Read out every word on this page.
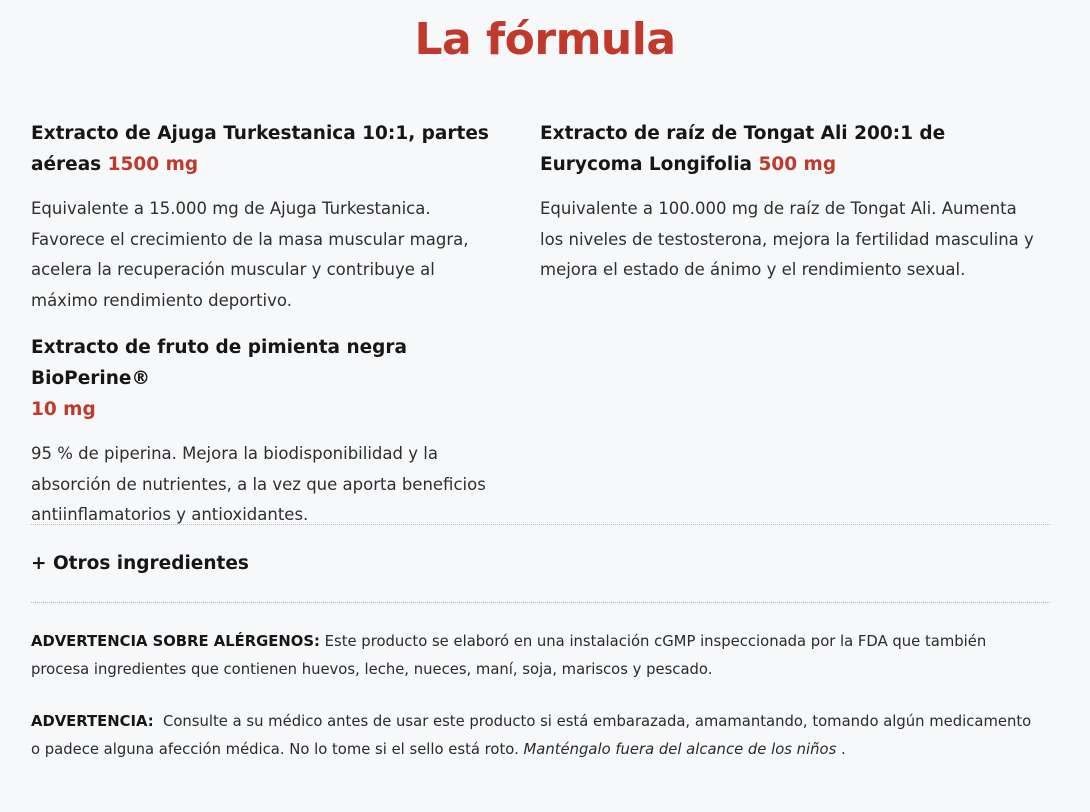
La fórmula

Extracto de Ajuga Turkestanica 10:1, partes aéreas 1500 mg

Equivalente a 15.000 mg de Ajuga Turkestanica. Favorece el crecimiento de la masa muscular magra, acelera la recuperación muscular y contribuye al máximo rendimiento deportivo.

Extracto de fruto de pimienta negra BioPerine®
10 mg

95 % de piperina. Mejora la biodisponibilidad y la absorción de nutrientes, a la vez que aporta beneficios antiinflamatorios y antioxidantes.

Extracto de raíz de Tongat Ali 200:1 de Eurycoma Longifolia 500 mg

Equivalente a 100.000 mg de raíz de Tongat Ali. Aumenta los niveles de testosterona, mejora la fertilidad masculina y mejora el estado de ánimo y el rendimiento sexual.

+ Otros ingredientes

ADVERTENCIA SOBRE ALÉRGENOS: Este producto se elaboró en una instalación cGMP inspeccionada por la FDA que también procesa ingredientes que contienen huevos, leche, nueces, maní, soja, mariscos y pescado.

ADVERTENCIA: Consulte a su médico antes de usar este producto si está embarazada, amamantando, tomando algún medicamento o padece alguna afección médica. No lo tome si el sello está roto. Manténgalo fuera del alcance de los niños .
